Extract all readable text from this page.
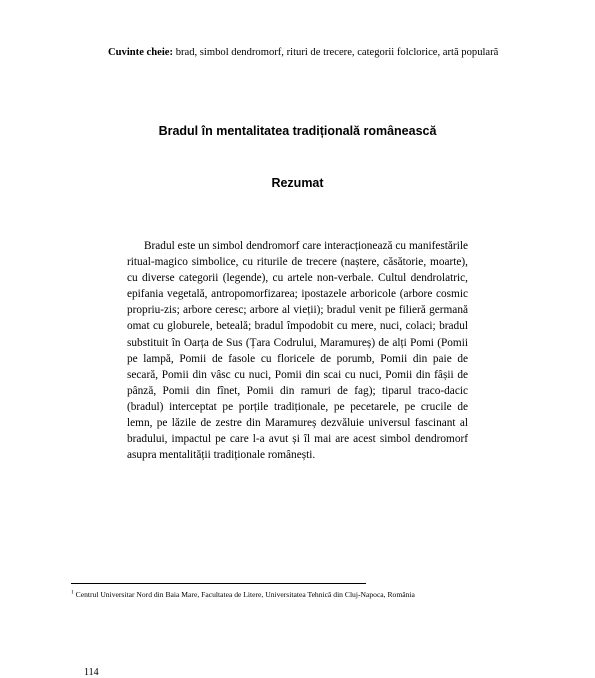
Cuvinte cheie: brad, simbol dendromorf, rituri de trecere, categorii folclorice, artă populară
Bradul în mentalitatea tradițională românească
Rezumat

Bradul este un simbol dendromorf care interacționează cu manifestările ritual-magico simbolice, cu riturile de trecere (naștere, căsătorie, moarte), cu diverse categorii (legende), cu artele non-verbale. Cultul dendrolatric, epifania vegetală, antropomorfizarea; ipostazele arboricole (arbore cosmic propriu-zis; arbore ceresc; arbore al vieții); bradul venit pe filieră germană omat cu globurele, beteală; bradul împodobit cu mere, nuci, colaci; bradul substituit în Oarța de Sus (Țara Codrului, Maramureș) de alți Pomi (Pomii pe lampă, Pomii de fasole cu floricele de porumb, Pomii din paie de secară, Pomii din vâsc cu nuci, Pomii din scai cu nuci, Pomii din fâșii de pânză, Pomii din fînet, Pomii din ramuri de fag); tiparul traco-dacic (bradul) interceptat pe porțile tradiționale, pe pecetarele, pe crucile de lemn, pe lăzile de zestre din Maramureș dezvăluie universul fascinant al bradului, impactul pe care l-a avut și îl mai are acest simbol dendromorf asupra mentalității tradiționale românești.

$^1$ Centrul Universitar Nord din Baia Mare, Facultatea de Litere, Universitatea Tehnică din Cluj-Napoca, România
114
